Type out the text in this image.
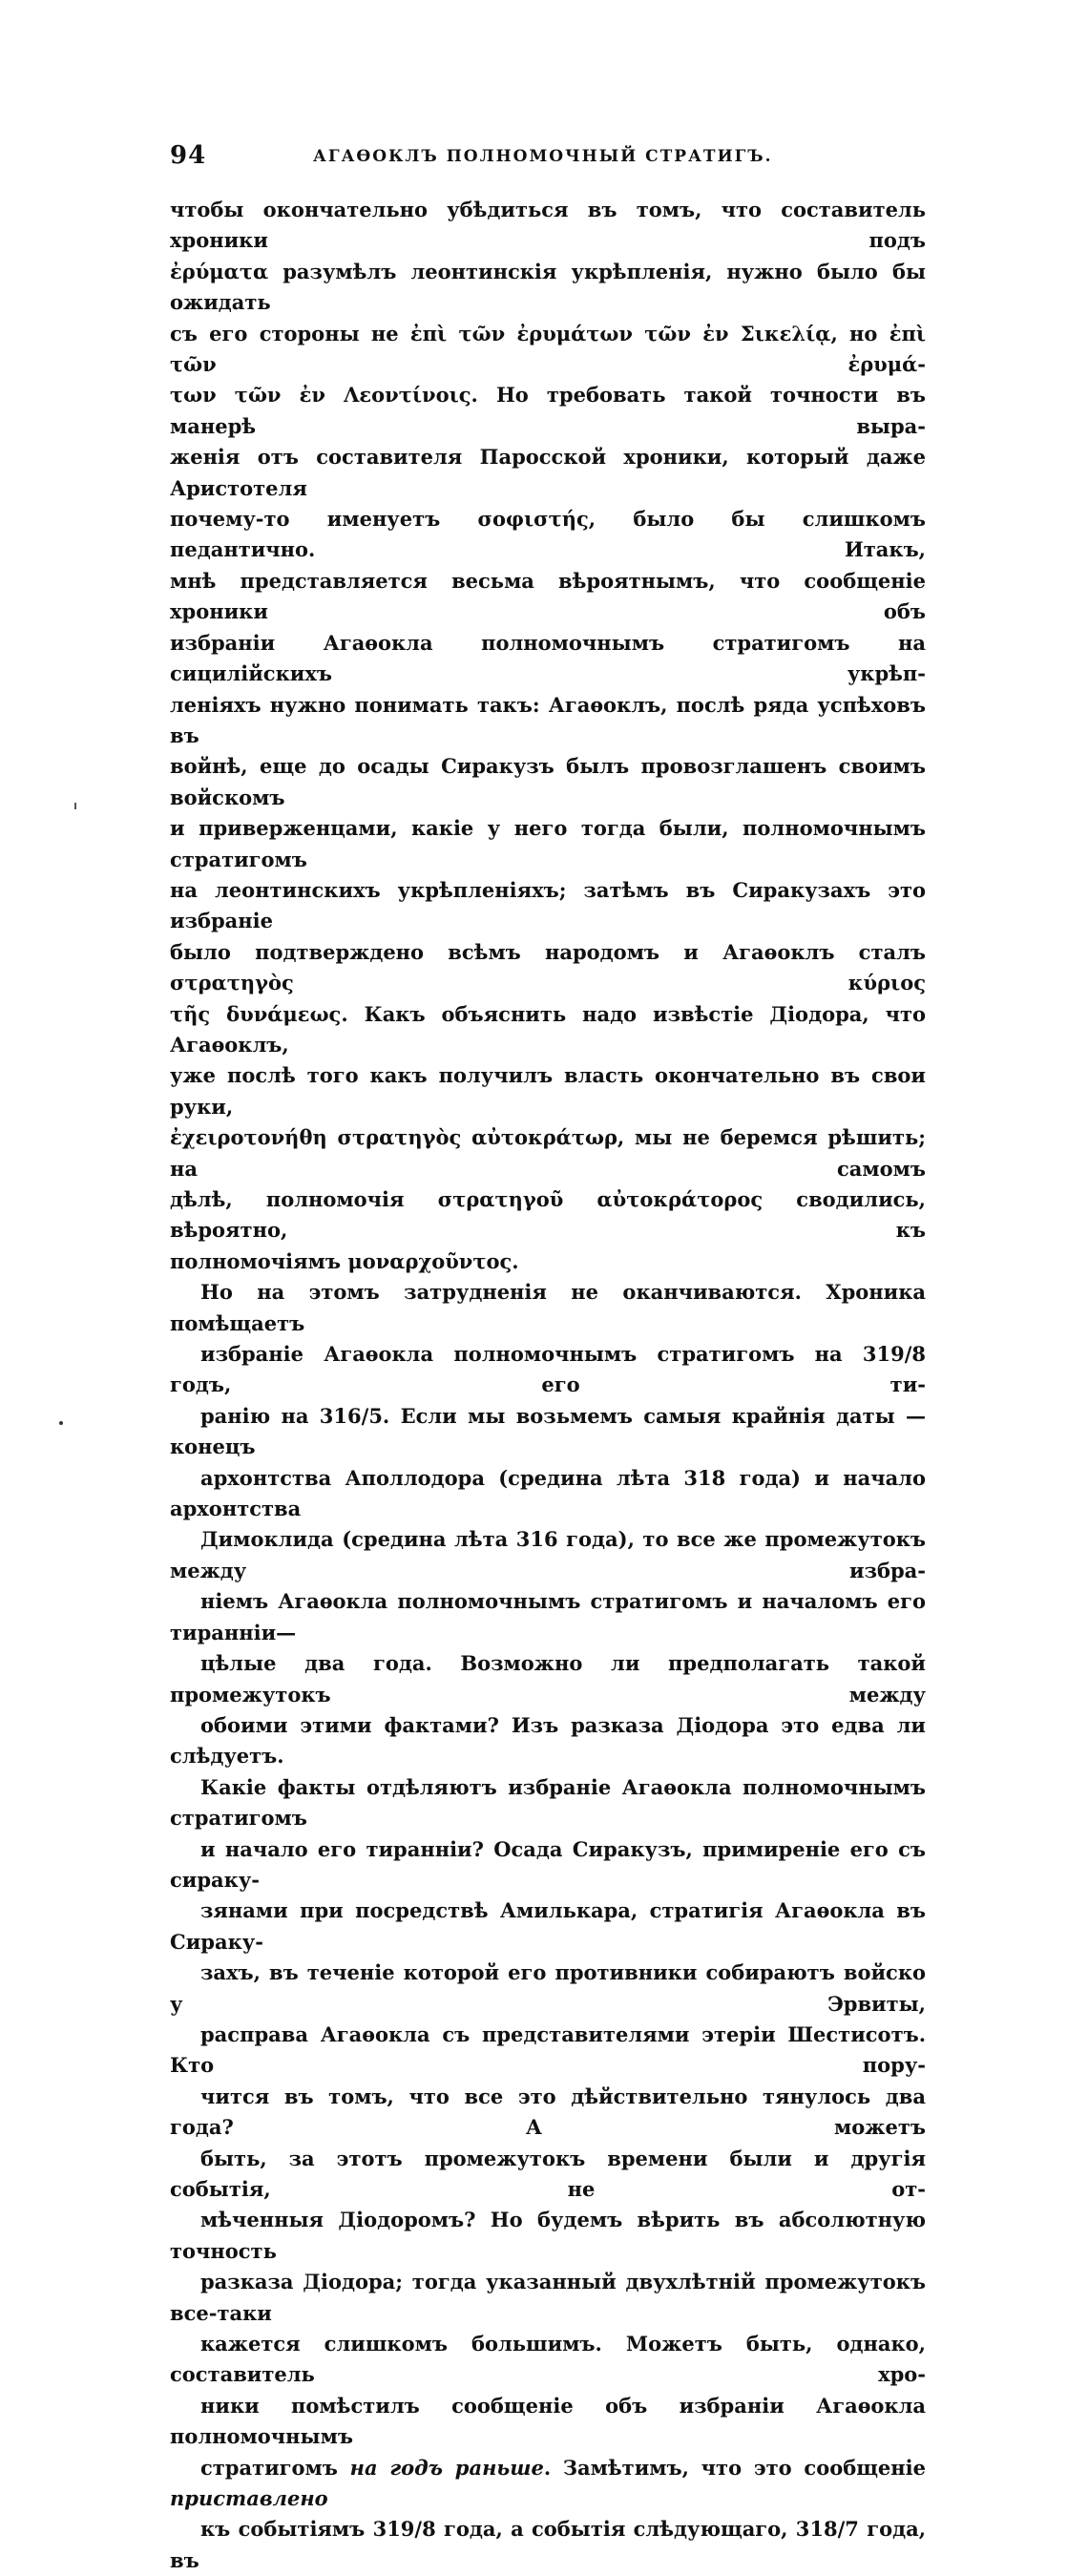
94	АГАѲОКЛЪ ПОЛНОМОЧНЫЙ СТРАТИГЪ.
чтобы окончательно убѣдиться въ томъ, что составитель хроники подъ
ἐρύματα разумѣлъ леонтинскія укрѣпленія, нужно было бы ожидать
съ его стороны не ἐπὶ τῶν ἐρυμάτων τῶν ἐν Σικελίᾳ, но ἐπὶ τῶν ἐρυμά-
των τῶν ἐν Λεοντίνοις. Но требовать такой точности въ манерѣ выра-
женія отъ составителя Паросской хроники, который даже Аристотеля
почему-то именуетъ σοφιστής, было бы слишкомъ педантично. Итакъ,
мнѣ представляется весьма вѣроятнымъ, что сообщеніе хроники объ
избраніи Агаѳокла полномочнымъ стратигомъ на сицилійскихъ укрѣп-
леніяхъ нужно понимать такъ: Агаѳоклъ, послѣ ряда успѣховъ въ
войнѣ, еще до осады Сиракузъ былъ провозглашенъ своимъ войскомъ
и приверженцами, какіе у него тогда были, полномочнымъ стратигомъ
на леонтинскихъ укрѣпленіяхъ; затѣмъ въ Сиракузахъ это избраніе
было подтверждено всѣмъ народомъ и Агаѳоклъ сталъ στρατηγὸς κύριος
τῆς δυνάμεως. Какъ объяснить надо извѣстіе Діодора, что Агаѳоклъ,
уже послѣ того какъ получилъ власть окончательно въ свои руки,
ἐχειροτονήθη στρατηγὸς αὐτοκράτωρ, мы не беремся рѣшить; на самомъ
дѣлѣ, полномочія στρατηγοῦ αὐτοκράτορος сводились, вѣроятно, къ
полномочіямъ μοναρχοῦντος.
Но на этомъ затрудненія не оканчиваются. Хроника помѣщаетъ
избраніе Агаѳокла полномочнымъ стратигомъ на 319/8 годъ, его ти-
ранію на 316/5. Если мы возьмемъ самыя крайнія даты — конецъ
архонтства Аполлодора (средина лѣта 318 года) и начало архонтства
Димоклида (средина лѣта 316 года), то все же промежутокъ между избра-
ніемъ Агаѳокла полномочнымъ стратигомъ и началомъ его тиранніи—
цѣлые два года. Возможно ли предполагать такой промежутокъ между
обоими этими фактами? Изъ разказа Діодора это едва ли слѣдуетъ.
Какіе факты отдѣляютъ избраніе Агаѳокла полномочнымъ стратигомъ
и начало его тиранніи? Осада Сиракузъ, примиреніе его съ сираку-
зянами при посредствѣ Амилькара, стратигія Агаѳокла въ Сираку-
захъ, въ теченіе которой его противники собираютъ войско у Эрвиты,
расправа Агаѳокла съ представителями этеріи Шестисотъ. Кто пору-
чится въ томъ, что все это дѣйствительно тянулось два года? А можетъ
быть, за этотъ промежутокъ времени были и другія событія, не от-
мѣченныя Діодоромъ? Но будемъ вѣрить въ абсолютную точность
разказа Діодора; тогда указанный двухлѣтній промежутокъ все-таки
кажется слишкомъ большимъ. Можетъ быть, однако, составитель хро-
ники помѣстилъ сообщеніе объ избраніи Агаѳокла полномочнымъ
стратигомъ на годъ раньше. Замѣтимъ, что это сообщеніе приставлено
къ событіямъ 319/8 года, а событія слѣдующаго, 318/7 года, въ
